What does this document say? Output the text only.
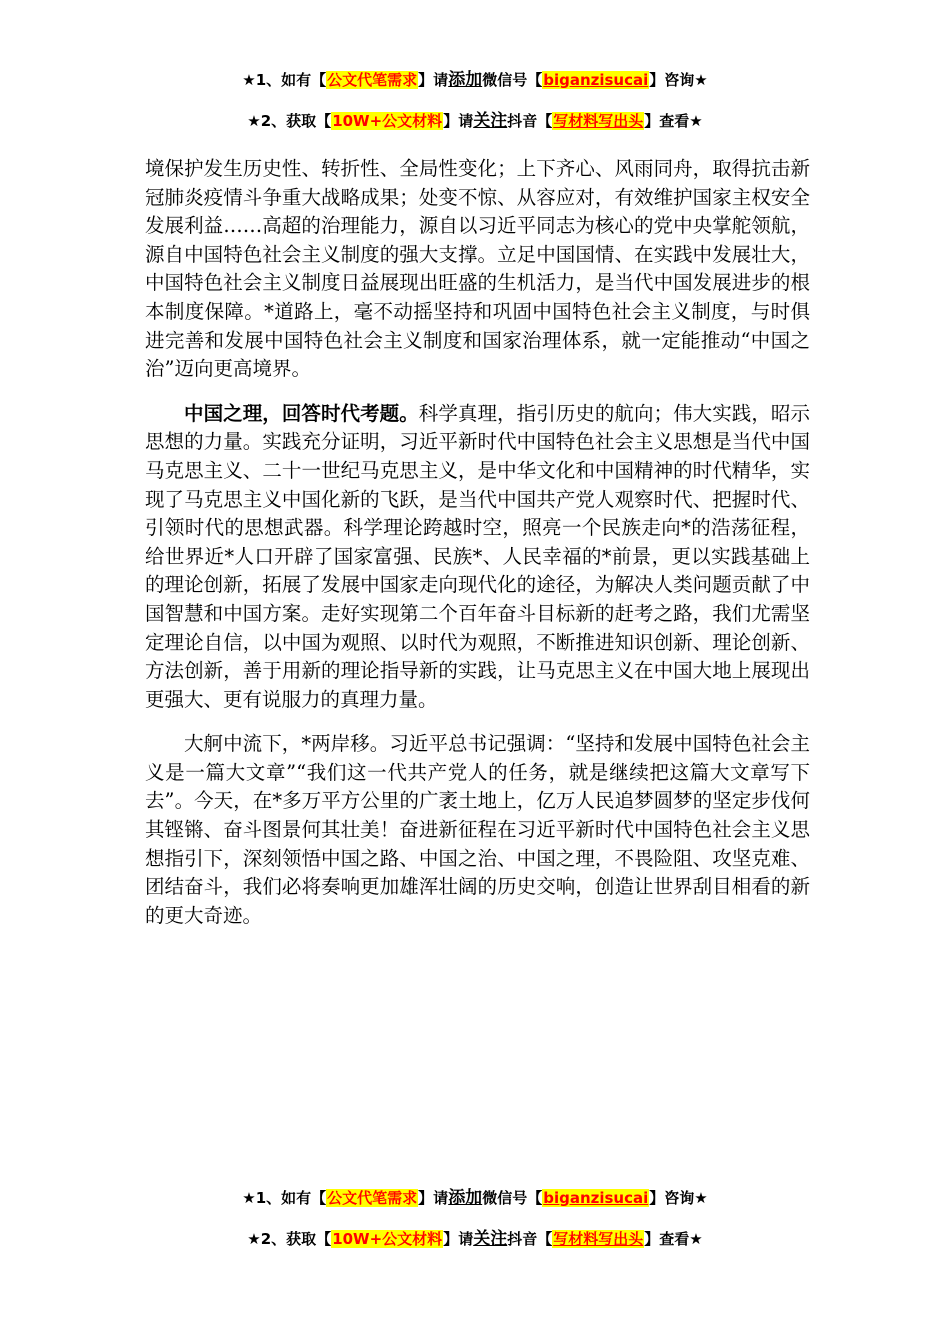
★1、如有【公文代笔需求】请添加微信号【biganzisucai】咨询★
★2、获取【10W+公文材料】请关注抖音【写材料写出头】查看★

境保护发生历史性、转折性、全局性变化；上下齐心、风雨同舟，取得抗击新冠肺炎疫情斗争重大战略成果；处变不惊、从容应对，有效维护国家主权安全发展利益……高超的治理能力，源自以习近平同志为核心的党中央掌舵领航，源自中国特色社会主义制度的强大支撑。立足中国国情、在实践中发展壮大，中国特色社会主义制度日益展现出旺盛的生机活力，是当代中国发展进步的根本制度保障。*道路上，毫不动摇坚持和巩固中国特色社会主义制度，与时俱进完善和发展中国特色社会主义制度和国家治理体系，就一定能推动“中国之治”迈向更高境界。

中国之理，回答时代考题。科学真理，指引历史的航向；伟大实践，昭示思想的力量。实践充分证明，习近平新时代中国特色社会主义思想是当代中国马克思主义、二十一世纪马克思主义，是中华文化和中国精神的时代精华，实现了马克思主义中国化新的飞跃，是当代中国共产党人观察时代、把握时代、引领时代的思想武器。科学理论跨越时空，照亮一个民族走向*的浩荡征程，给世界近*人口开辟了国家富强、民族*、人民幸福的*前景，更以实践基础上的理论创新，拓展了发展中国家走向现代化的途径，为解决人类问题贡献了中国智慧和中国方案。走好实现第二个百年奋斗目标新的赶考之路，我们尤需坚定理论自信，以中国为观照、以时代为观照，不断推进知识创新、理论创新、方法创新，善于用新的理论指导新的实践，让马克思主义在中国大地上展现出更强大、更有说服力的真理力量。

大舸中流下，*两岸移。习近平总书记强调：“坚持和发展中国特色社会主义是一篇大文章”“我们这一代共产党人的任务，就是继续把这篇大文章写下去”。今天，在*多万平方公里的广袤土地上，亿万人民追梦圆梦的坚定步伐何其铿锵、奋斗图景何其壮美！奋进新征程在习近平新时代中国特色社会主义思想指引下，深刻领悟中国之路、中国之治、中国之理，不畏险阻、攻坚克难、团结奋斗，我们必将奏响更加雄浑壮阔的历史交响，创造让世界刮目相看的新的更大奇迹。

★1、如有【公文代笔需求】请添加微信号【biganzisucai】咨询★
★2、获取【10W+公文材料】请关注抖音【写材料写出头】查看★
